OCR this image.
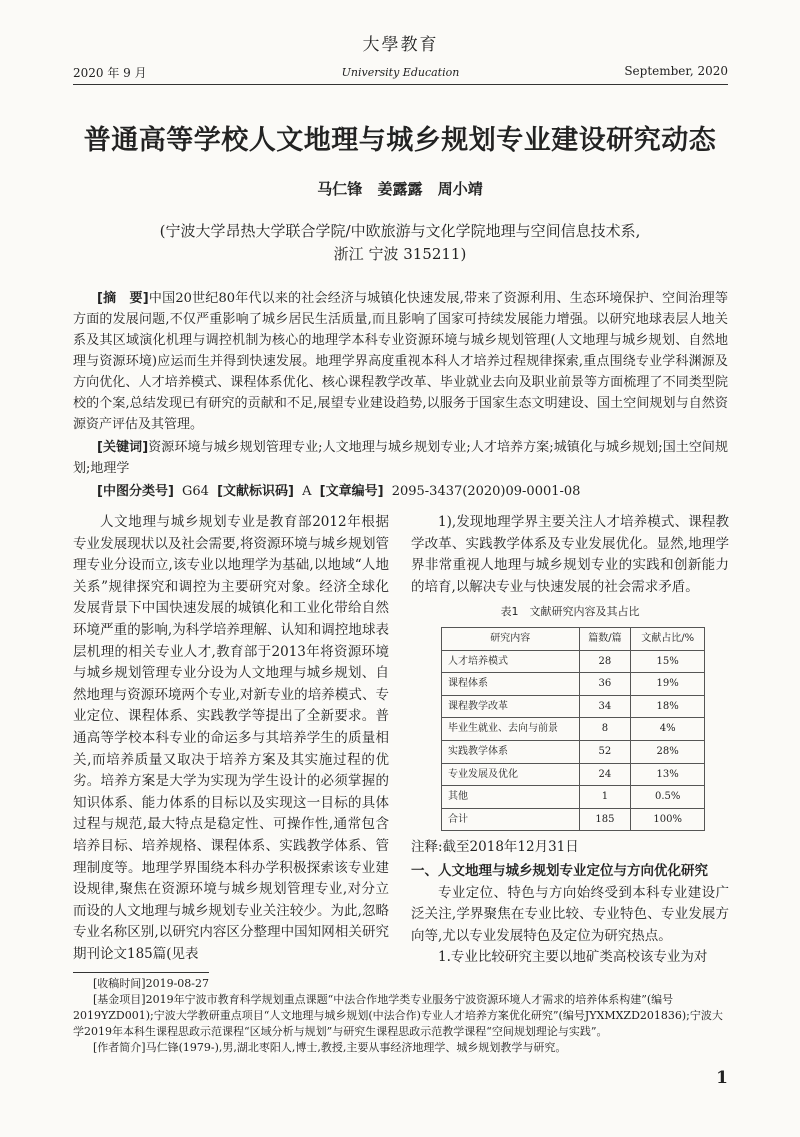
大學教育
2020 年 9 月	University Education	September, 2020
普通高等学校人文地理与城乡规划专业建设研究动态
马仁锋 姜露露 周小靖
(宁波大学昂热大学联合学院/中欧旅游与文化学院地理与空间信息技术系,
浙江 宁波 315211)

[摘　要]中国20世纪80年代以来的社会经济与城镇化快速发展,带来了资源利用、生态环境保护、空间治理等方面的发展问题,不仅严重影响了城乡居民生活质量,而且影响了国家可持续发展能力增强。以研究地球表层人地关系及其区域演化机理与调控机制为核心的地理学本科专业资源环境与城乡规划管理(人文地理与城乡规划、自然地理与资源环境)应运而生并得到快速发展。地理学界高度重视本科人才培养过程规律探索,重点围绕专业学科渊源及方向优化、人才培养模式、课程体系优化、核心课程教学改革、毕业就业去向及职业前景等方面梳理了不同类型院校的个案,总结发现已有研究的贡献和不足,展望专业建设趋势,以服务于国家生态文明建设、国土空间规划与自然资源资产评估及其管理。

[关键词]资源环境与城乡规划管理专业;人文地理与城乡规划专业;人才培养方案;城镇化与城乡规划;国土空间规划;地理学

[中图分类号] G64 [文献标识码] A [文章编号] 2095-3437(2020)09-0001-08

人文地理与城乡规划专业是教育部2012年根据专业发展现状以及社会需要,将资源环境与城乡规划管理专业分设而立,该专业以地理学为基础,以地域“人地关系”规律探究和调控为主要研究对象。经济全球化发展背景下中国快速发展的城镇化和工业化带给自然环境严重的影响,为科学培养理解、认知和调控地球表层机理的相关专业人才,教育部于2013年将资源环境与城乡规划管理专业分设为人文地理与城乡规划、自然地理与资源环境两个专业,对新专业的培养模式、专业定位、课程体系、实践教学等提出了全新要求。普通高等学校本科专业的命运多与其培养学生的质量相关,而培养质量又取决于培养方案及其实施过程的优劣。培养方案是大学为实现为学生设计的必须掌握的知识体系、能力体系的目标以及实现这一目标的具体过程与规范,最大特点是稳定性、可操作性,通常包含培养目标、培养规格、课程体系、实践教学体系、管理制度等。地理学界围绕本科办学积极探索该专业建设规律,聚焦在资源环境与城乡规划管理专业,对分立而设的人文地理与城乡规划专业关注较少。为此,忽略专业名称区别,以研究内容区分整理中国知网相关研究期刊论文185篇(见表

1),发现地理学界主要关注人才培养模式、课程教学改革、实践教学体系及专业发展优化。显然,地理学界非常重视人地理与城乡规划专业的实践和创新能力的培育,以解决专业与快速发展的社会需求矛盾。

表1　文献研究内容及其占比
研究内容	篇数/篇	文献占比/%
人才培养模式	28	15%
课程体系	36	19%
课程教学改革	34	18%
毕业生就业、去向与前景	8	4%
实践教学体系	52	28%
专业发展及优化	24	13%
其他	1	0.5%
合计	185	100%
注释:截至2018年12月31日
一、人文地理与城乡规划专业定位与方向优化研究

专业定位、特色与方向始终受到本科专业建设广泛关注,学界聚焦在专业比较、专业特色、专业发展方向等,尤以专业发展特色及定位为研究热点。

1.专业比较研究主要以地矿类高校该专业为对

[收稿时间]2019-08-27

[基金项目]2019年宁波市教育科学规划重点课题“中法合作地学类专业服务宁波资源环境人才需求的培养体系构建”(编号2019YZD001);宁波大学教研重点项目“人文地理与城乡规划(中法合作)专业人才培养方案优化研究”(编号JYXMXZD201836);宁波大学2019年本科生课程思政示范课程“区域分析与规划”与研究生课程思政示范教学课程“空间规划理论与实践”。

[作者简介]马仁锋(1979-),男,湖北枣阳人,博士,教授,主要从事经济地理学、城乡规划教学与研究。

1
